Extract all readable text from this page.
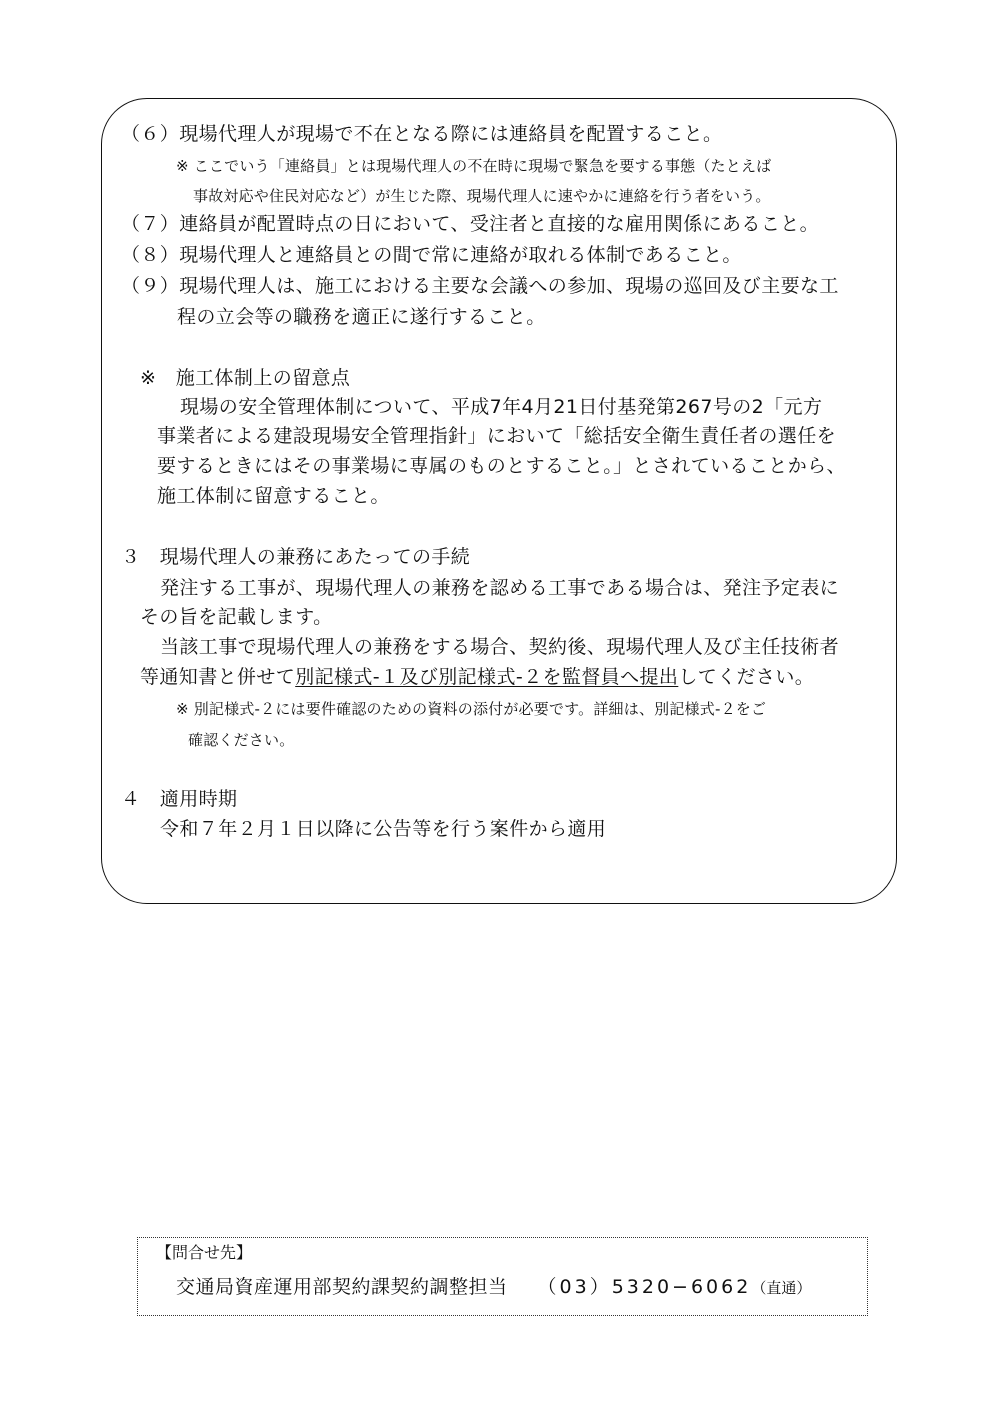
（６）現場代理人が現場で不在となる際には連絡員を配置すること。
※ ここでいう「連絡員」とは現場代理人の不在時に現場で緊急を要する事態（たとえば
事故対応や住民対応など）が生じた際、現場代理人に速やかに連絡を行う者をいう。
（７）連絡員が配置時点の日において、受注者と直接的な雇用関係にあること。
（８）現場代理人と連絡員との間で常に連絡が取れる体制であること。
（９）現場代理人は、施工における主要な会議への参加、現場の巡回及び主要な工
程の立会等の職務を適正に遂行すること。
※　施工体制上の留意点
現場の安全管理体制について、平成7年4月21日付基発第267号の2「元方
事業者による建設現場安全管理指針」において「総括安全衛生責任者の選任を
要するときにはその事業場に専属のものとすること。」とされていることから、
施工体制に留意すること。
３　現場代理人の兼務にあたっての手続
発注する工事が、現場代理人の兼務を認める工事である場合は、発注予定表に
その旨を記載します。
当該工事で現場代理人の兼務をする場合、契約後、現場代理人及び主任技術者
等通知書と併せて別記様式-１及び別記様式-２を監督員へ提出してください。
※ 別記様式-２には要件確認のための資料の添付が必要です。詳細は、別記様式-２をご
確認ください。
４　適用時期
令和７年２月１日以降に公告等を行う案件から適用
【問合せ先】
交通局資産運用部契約課契約調整担当 （03）5320−6062（直通）
